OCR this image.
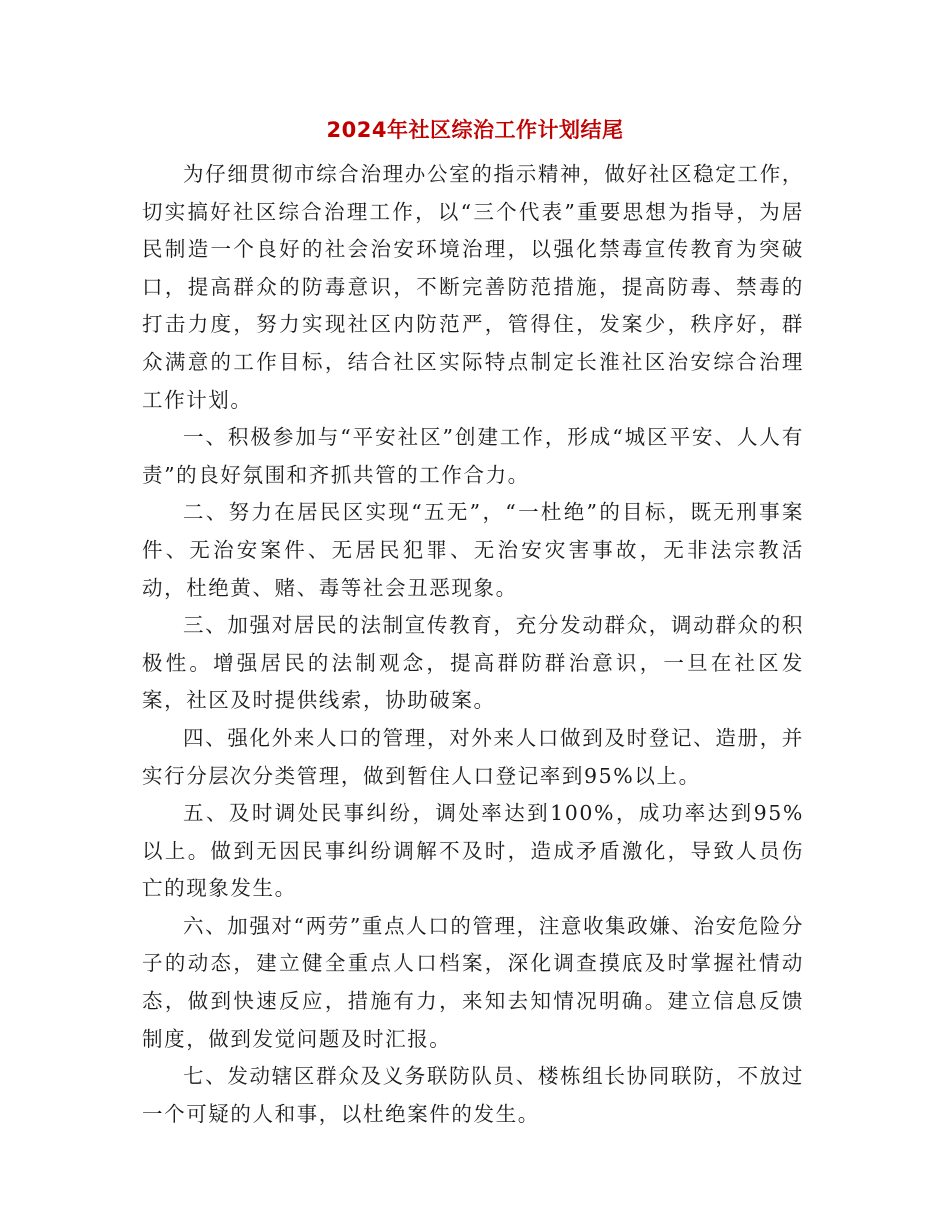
2024年社区综治工作计划结尾

为仔细贯彻市综合治理办公室的指示精神，做好社区稳定工作，切实搞好社区综合治理工作，以“三个代表”重要思想为指导，为居民制造一个良好的社会治安环境治理，以强化禁毒宣传教育为突破口，提高群众的防毒意识，不断完善防范措施，提高防毒、禁毒的打击力度，努力实现社区内防范严，管得住，发案少，秩序好，群众满意的工作目标，结合社区实际特点制定长淮社区治安综合治理工作计划。

一、积极参加与“平安社区”创建工作，形成“城区平安、人人有责”的良好氛围和齐抓共管的工作合力。

二、努力在居民区实现“五无”，“一杜绝”的目标，既无刑事案件、无治安案件、无居民犯罪、无治安灾害事故，无非法宗教活动，杜绝黄、赌、毒等社会丑恶现象。

三、加强对居民的法制宣传教育，充分发动群众，调动群众的积极性。增强居民的法制观念，提高群防群治意识，一旦在社区发案，社区及时提供线索，协助破案。

四、强化外来人口的管理，对外来人口做到及时登记、造册，并实行分层次分类管理，做到暂住人口登记率到95%以上。

五、及时调处民事纠纷，调处率达到100%，成功率达到95%以上。做到无因民事纠纷调解不及时，造成矛盾激化，导致人员伤亡的现象发生。

六、加强对“两劳”重点人口的管理，注意收集政嫌、治安危险分子的动态，建立健全重点人口档案，深化调查摸底及时掌握社情动态，做到快速反应，措施有力，来知去知情况明确。建立信息反馈制度，做到发觉问题及时汇报。

七、发动辖区群众及义务联防队员、楼栋组长协同联防，不放过一个可疑的人和事，以杜绝案件的发生。
